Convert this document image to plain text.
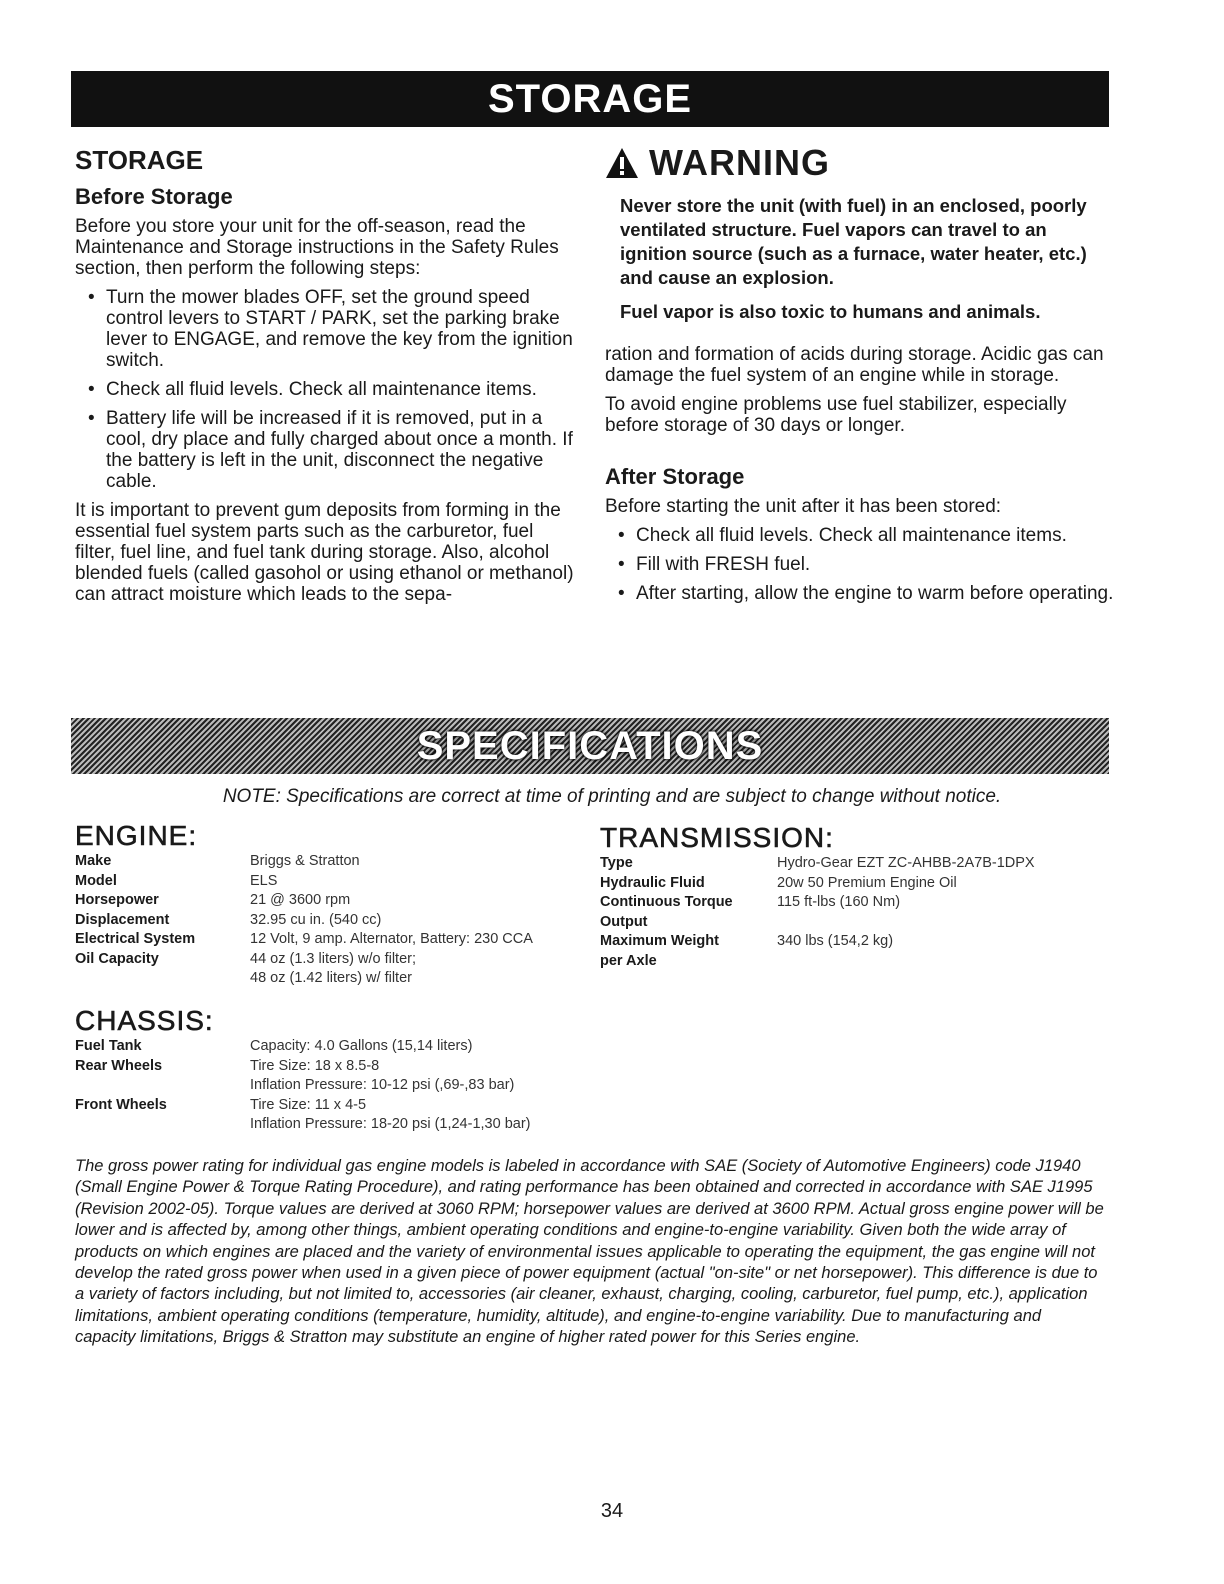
STORAGE
STORAGE
Before Storage

Before you store your unit for the off-season, read the Maintenance and Storage instructions in the Safety Rules section, then perform the following steps:

• Turn the mower blades OFF, set the ground speed control levers to START / PARK, set the parking brake lever to ENGAGE, and remove the key from the ignition switch.
• Check all fluid levels. Check all maintenance items.
• Battery life will be increased if it is removed, put in a cool, dry place and fully charged about once a month. If the battery is left in the unit, disconnect the negative cable.

It is important to prevent gum deposits from forming in the essential fuel system parts such as the carburetor, fuel filter, fuel line, and fuel tank during storage. Also, alcohol blended fuels (called gasohol or using ethanol or methanol) can attract moisture which leads to the sepa-

WARNING

Never store the unit (with fuel) in an enclosed, poorly ventilated structure. Fuel vapors can travel to an ignition source (such as a furnace, water heater, etc.) and cause an explosion.

Fuel vapor is also toxic to humans and animals.

ration and formation of acids during storage. Acidic gas can damage the fuel system of an engine while in storage.

To avoid engine problems use fuel stabilizer, especially before storage of 30 days or longer.

After Storage

Before starting the unit after it has been stored:

• Check all fluid levels. Check all maintenance items.
• Fill with FRESH fuel.
• After starting, allow the engine to warm before operating.
SPECIFICATIONS
NOTE: Specifications are correct at time of printing and are subject to change without notice.
ENGINE:
Make	Briggs & Stratton
Model	ELS
Horsepower	21 @ 3600 rpm
Displacement	32.95 cu in. (540 cc)
Electrical System	12 Volt, 9 amp. Alternator, Battery: 230 CCA
Oil Capacity	44 oz (1.3 liters) w/o filter;
	48 oz (1.42 liters) w/ filter
TRANSMISSION:
Type	Hydro-Gear EZT ZC-AHBB-2A7B-1DPX
Hydraulic Fluid	20w 50 Premium Engine Oil
Continuous Torque	115 ft-lbs (160 Nm)
Output	
Maximum Weight	340 lbs (154,2 kg)
per Axle	
CHASSIS:
Fuel Tank	Capacity: 4.0 Gallons (15,14 liters)
Rear Wheels	Tire Size: 18 x 8.5-8
	Inflation Pressure: 10-12 psi (,69-,83 bar)
Front Wheels	Tire Size: 11 x 4-5
	Inflation Pressure: 18-20 psi (1,24-1,30 bar)
The gross power rating for individual gas engine models is labeled in accordance with SAE (Society of Automotive Engineers) code J1940 (Small Engine Power & Torque Rating Procedure), and rating performance has been obtained and corrected in accordance with SAE J1995 (Revision 2002-05). Torque values are derived at 3060 RPM; horsepower values are derived at 3600 RPM. Actual gross engine power will be lower and is affected by, among other things, ambient operating conditions and engine-to-engine variability. Given both the wide array of products on which engines are placed and the variety of environmental issues applicable to operating the equipment, the gas engine will not develop the rated gross power when used in a given piece of power equipment (actual "on-site" or net horsepower). This difference is due to a variety of factors including, but not limited to, accessories (air cleaner, exhaust, charging, cooling, carburetor, fuel pump, etc.), application limitations, ambient operating conditions (temperature, humidity, altitude), and engine-to-engine variability. Due to manufacturing and capacity limitations, Briggs & Stratton may substitute an engine of higher rated power for this Series engine.
34
